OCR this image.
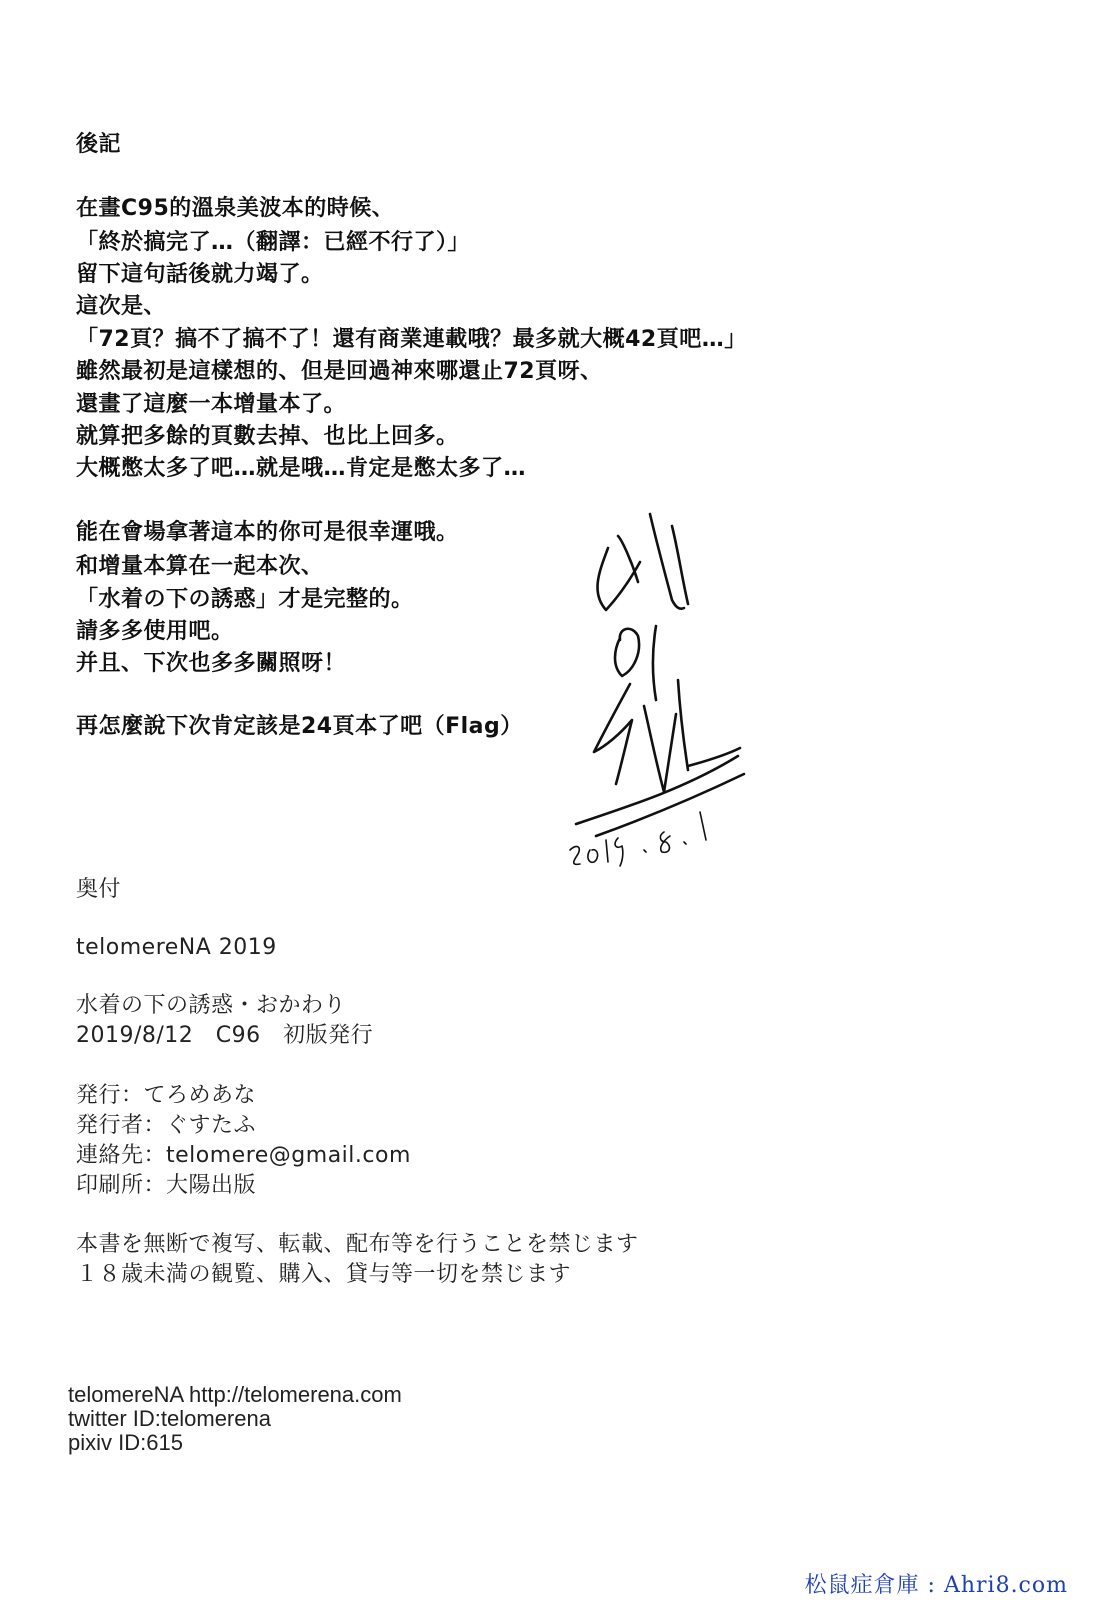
後記
在畫C95的溫泉美波本的時候、
「終於搞完了…（翻譯：已經不行了）」
留下這句話後就力竭了。
這次是、
「72頁？搞不了搞不了！還有商業連載哦？最多就大概42頁吧…」
雖然最初是這樣想的、但是回過神來哪還止72頁呀、
還畫了這麼一本增量本了。
就算把多餘的頁數去掉、也比上回多。
大概憋太多了吧…就是哦…肯定是憋太多了…
能在會場拿著這本的你可是很幸運哦。
和增量本算在一起本次、
「水着の下の誘惑」才是完整的。
請多多使用吧。
并且、下次也多多關照呀！
再怎麼說下次肯定該是24頁本了吧（Flag）
奥付
telomereNA 2019
水着の下の誘惑・おかわり
2019/8/12　C96　初版発行
発行：てろめあな
発行者：ぐすたふ
連絡先：telomere@gmail.com
印刷所：大陽出版
本書を無断で複写、転載、配布等を行うことを禁じます
１８歳未満の観覧、購入、貸与等一切を禁じます
telomereNA http://telomerena.com
twitter ID:telomerena
pixiv ID:615
松鼠症倉庫 : Ahri8.com
